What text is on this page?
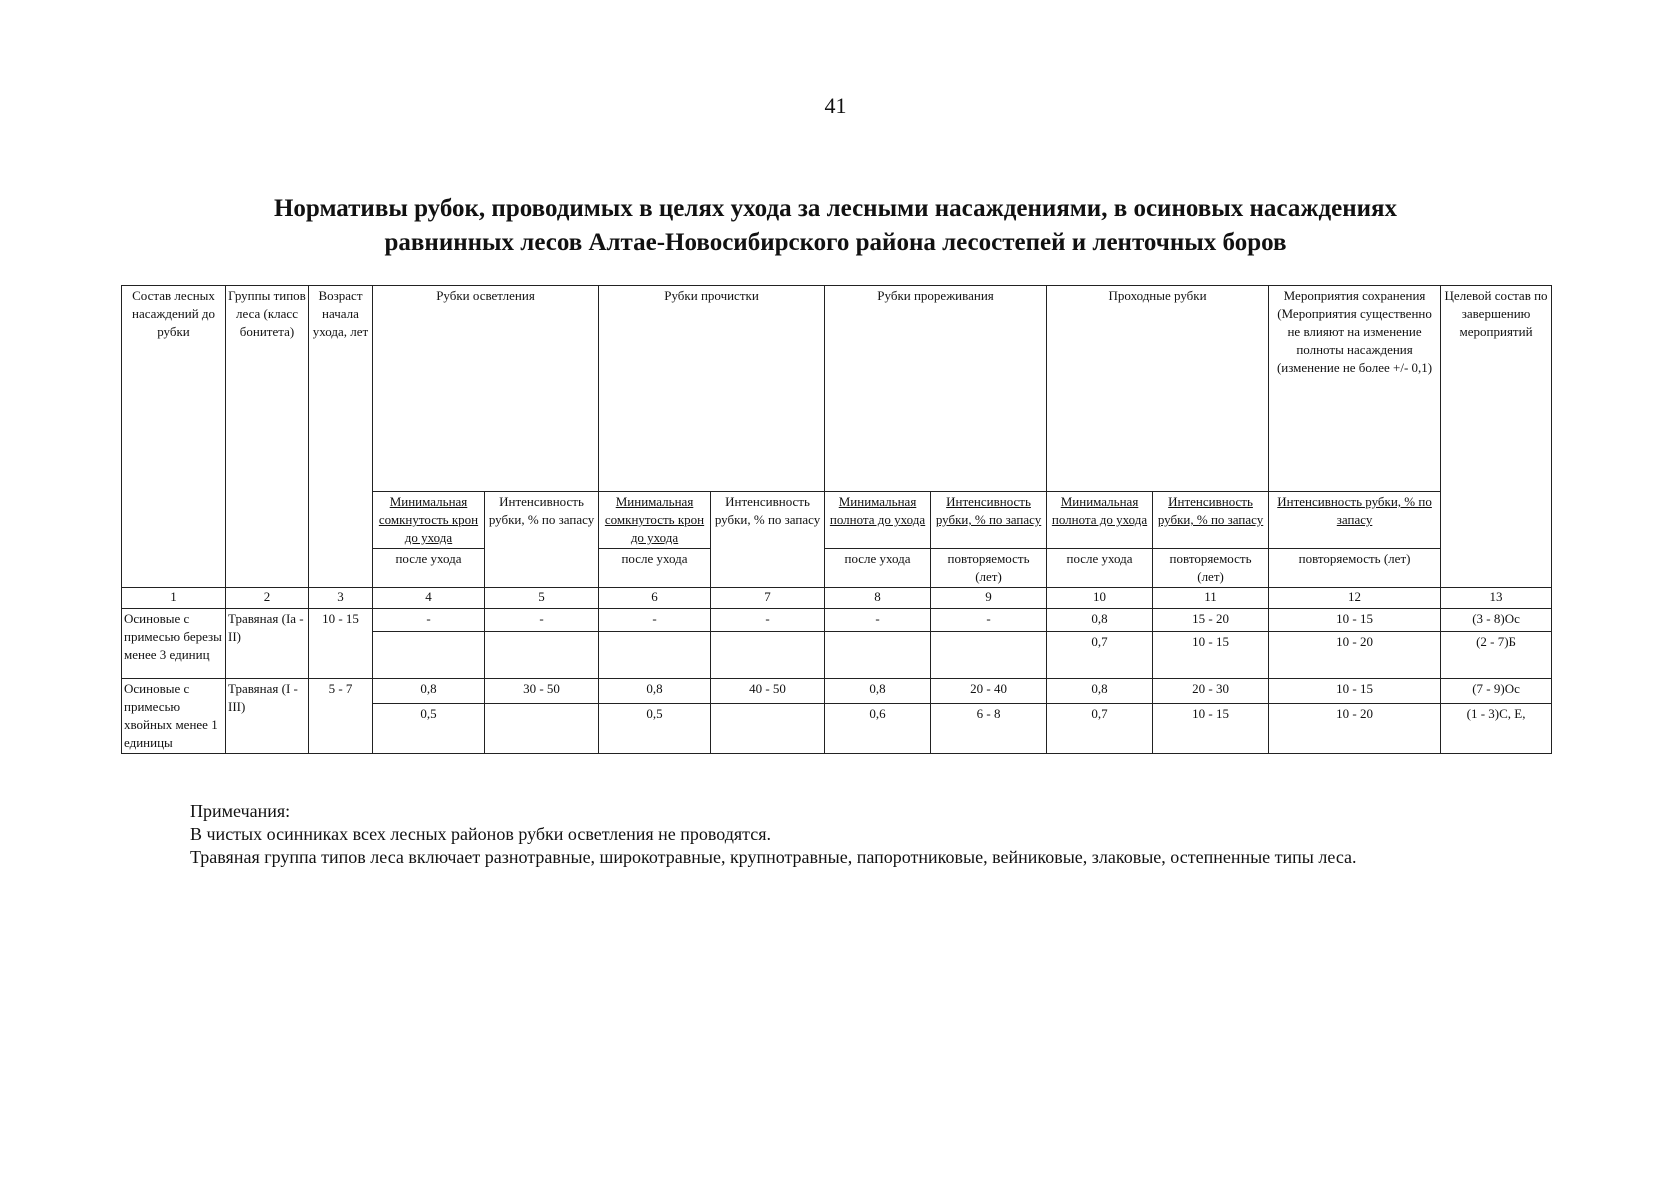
41
Нормативы рубок, проводимых в целях ухода за лесными насаждениями, в осиновых насаждениях
равнинных лесов Алтае-Новосибирского района лесостепей и ленточных боров
Состав лесных насаждений до рубки	Группы типов леса (класс бонитета)	Возраст начала ухода, лет	Рубки осветления		Рубки прочистки		Рубки прореживания		Проходные рубки		Мероприятия сохранения (Мероприятия существенно не влияют на изменение полноты насаждения (изменение не более +/- 0,1)	Целевой состав по завершению мероприятий
			Минимальная сомкнутость крон до ухода	Интенсивность рубки, % по запасу	Минимальная сомкнутость крон до ухода	Интенсивность рубки, % по запасу	Минимальная полнота до ухода	Интенсивность рубки, % по запасу	Минимальная полнота до ухода	Интенсивность рубки, % по запасу	Интенсивность рубки, % по запасу	
			после ухода		после ухода		после ухода	повторяемость (лет)	после ухода	повторяемость (лет)	повторяемость (лет)	
1	2	3	4	5	6	7	8	9	10	11	12	13
Осиновые с примесью березы менее 3 единиц	Травяная (Iа - II)	10 - 15	-	-	-	-	-	-	0,8	15 - 20	10 - 15	(3 - 8)Ос
									0,7	10 - 15	10 - 20	(2 - 7)Б
Осиновые с примесью хвойных менее 1 единицы	Травяная (I - III)	5 - 7	0,8	30 - 50	0,8	40 - 50	0,8	20 - 40	0,8	20 - 30	10 - 15	(7 - 9)Ос
			0,5		0,5		0,6	6 - 8	0,7	10 - 15	10 - 20	(1 - 3)С, Е,
Примечания:
В чистых осинниках всех лесных районов рубки осветления не проводятся.
Травяная группа типов леса включает разнотравные, широкотравные, крупнотравные, папоротниковые, вейниковые, злаковые, остепненные типы леса.
